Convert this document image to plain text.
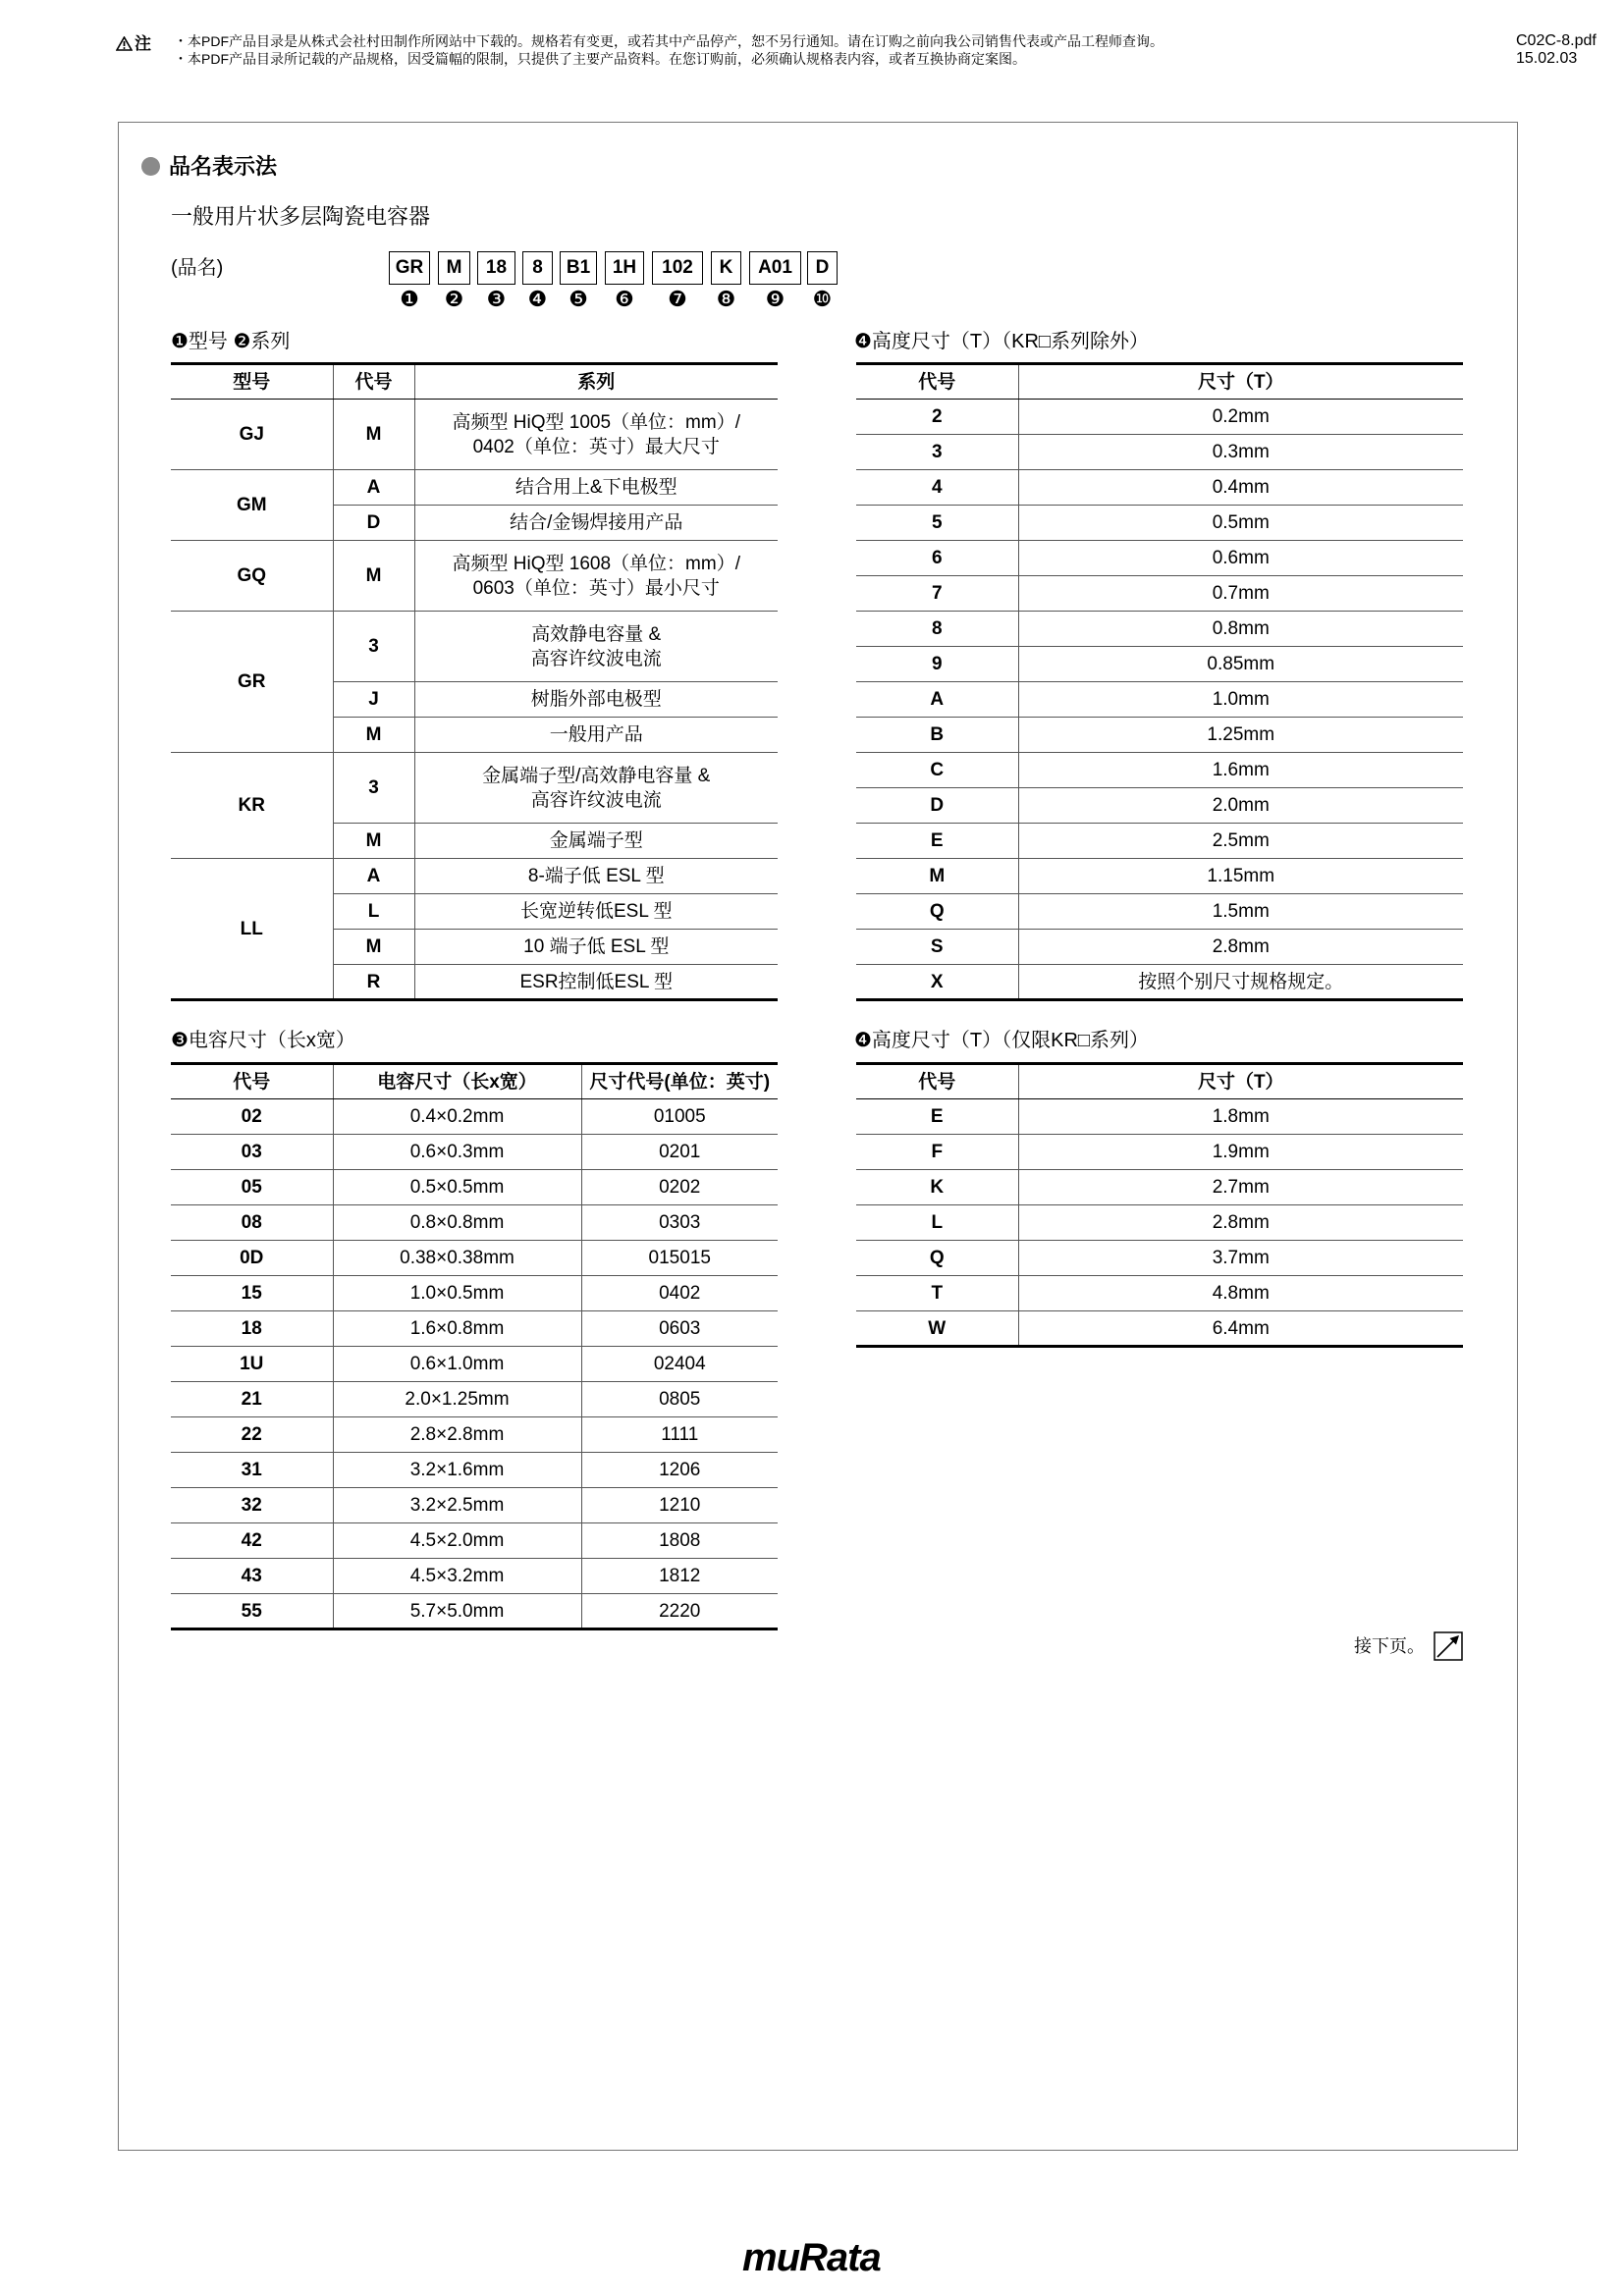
注 ・本PDF产品目录是从株式会社村田制作所网站中下载的。规格若有变更，或若其中产品停产，恕不另行通知。请在订购之前向我公司销售代表或产品工程师查询。
・本PDF产品目录所记载的产品规格，因受篇幅的限制，只提供了主要产品资料。在您订购前，必须确认规格表内容，或者互换协商定案图。
C02C-8.pdf
15.02.03
品名表示法
一般用片状多层陶瓷电容器
(品名)	GR	M	18	8	B1	1H	102	K	A01	D
❶	❷	❸	❹ ❺	❻	❼	❽	❾	❿
❶型号 ❷系列
型号	代号	系列
GJ	M	高频型 HiQ型 1005（单位：mm）/
0402（单位：英寸）最大尺寸
GM	A	结合用上&下电极型
	D	结合/金锡焊接用产品
GQ	M	高频型 HiQ型 1608（单位：mm）/
0603（单位：英寸）最小尺寸
GR	3	高效静电容量 &
高容许纹波电流
	J	树脂外部电极型
	M	一般用产品
KR	3	金属端子型/高效静电容量 &
高容许纹波电流
	M	金属端子型
LL	A	8-端子低 ESL 型
	L	长宽逆转低ESL 型
	M	10 端子低 ESL 型
	R	ESR控制低ESL 型
❹高度尺寸（T）（KR□系列除外）
代号	尺寸（T）
2	0.2mm
3	0.3mm
4	0.4mm
5	0.5mm
6	0.6mm
7	0.7mm
8	0.8mm
9	0.85mm
A	1.0mm
B	1.25mm
C	1.6mm
D	2.0mm
E	2.5mm
M	1.15mm
Q	1.5mm
S	2.8mm
X	按照个别尺寸规格规定。
❸电容尺寸（长x宽）
代号	电容尺寸（长x宽）	尺寸代号(单位：英寸)
02	0.4×0.2mm	01005
03	0.6×0.3mm	0201
05	0.5×0.5mm	0202
08	0.8×0.8mm	0303
0D	0.38×0.38mm	015015
15	1.0×0.5mm	0402
18	1.6×0.8mm	0603
1U	0.6×1.0mm	02404
21	2.0×1.25mm	0805
22	2.8×2.8mm	1111
31	3.2×1.6mm	1206
32	3.2×2.5mm	1210
42	4.5×2.0mm	1808
43	4.5×3.2mm	1812
55	5.7×5.0mm	2220
❹高度尺寸（T）（仅限KR□系列）
代号	尺寸（T）
E	1.8mm
F	1.9mm
K	2.7mm
L	2.8mm
Q	3.7mm
T	4.8mm
W	6.4mm
接下页。
muRata
